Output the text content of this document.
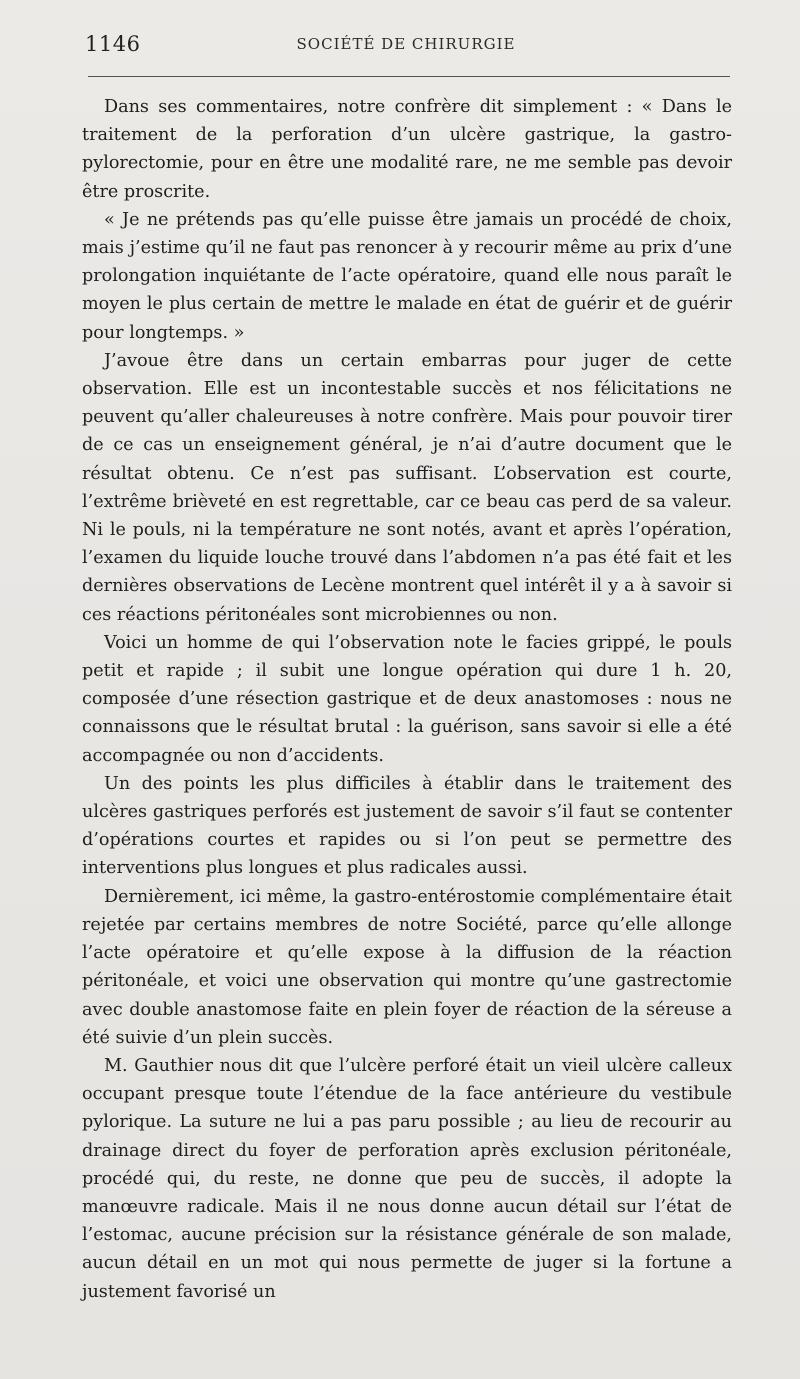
1146	SOCIÉTÉ DE CHIRURGIE

Dans ses commentaires, notre confrère dit simplement : « Dans le traitement de la perforation d’un ulcère gastrique, la gastro-pylorectomie, pour en être une modalité rare, ne me semble pas devoir être proscrite.

« Je ne prétends pas qu’elle puisse être jamais un procédé de choix, mais j’estime qu’il ne faut pas renoncer à y recourir même au prix d’une prolongation inquiétante de l’acte opératoire, quand elle nous paraît le moyen le plus certain de mettre le malade en état de guérir et de guérir pour longtemps. »

J’avoue être dans un certain embarras pour juger de cette observation. Elle est un incontestable succès et nos félicitations ne peuvent qu’aller chaleureuses à notre confrère. Mais pour pouvoir tirer de ce cas un enseignement général, je n’ai d’autre document que le résultat obtenu. Ce n’est pas suffisant. L’observation est courte, l’extrême brièveté en est regrettable, car ce beau cas perd de sa valeur. Ni le pouls, ni la température ne sont notés, avant et après l’opération, l’examen du liquide louche trouvé dans l’abdomen n’a pas été fait et les dernières observations de Lecène montrent quel intérêt il y a à savoir si ces réactions péritonéales sont microbiennes ou non.

Voici un homme de qui l’observation note le facies grippé, le pouls petit et rapide ; il subit une longue opération qui dure 1 h. 20, composée d’une résection gastrique et de deux anastomoses : nous ne connaissons que le résultat brutal : la guérison, sans savoir si elle a été accompagnée ou non d’accidents.

Un des points les plus difficiles à établir dans le traitement des ulcères gastriques perforés est justement de savoir s’il faut se contenter d’opérations courtes et rapides ou si l’on peut se permettre des interventions plus longues et plus radicales aussi.

Dernièrement, ici même, la gastro-entérostomie complémentaire était rejetée par certains membres de notre Société, parce qu’elle allonge l’acte opératoire et qu’elle expose à la diffusion de la réaction péritonéale, et voici une observation qui montre qu’une gastrectomie avec double anastomose faite en plein foyer de réaction de la séreuse a été suivie d’un plein succès.

M. Gauthier nous dit que l’ulcère perforé était un vieil ulcère calleux occupant presque toute l’étendue de la face antérieure du vestibule pylorique. La suture ne lui a pas paru possible ; au lieu de recourir au drainage direct du foyer de perforation après exclusion péritonéale, procédé qui, du reste, ne donne que peu de succès, il adopte la manœuvre radicale. Mais il ne nous donne aucun détail sur l’état de l’estomac, aucune précision sur la résistance générale de son malade, aucun détail en un mot qui nous permette de juger si la fortune a justement favorisé un
